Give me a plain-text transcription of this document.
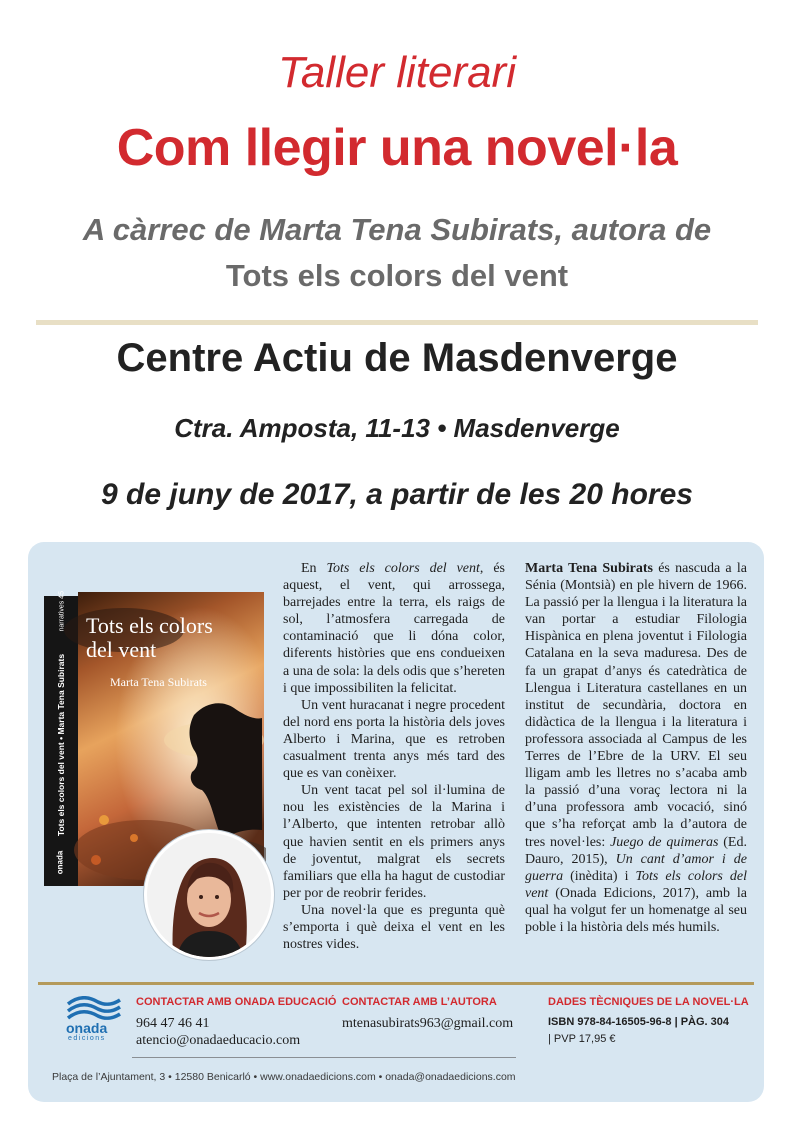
Taller literari
Com llegir una novel·la
A càrrec de Marta Tena Subirats, autora de
Tots els colors del vent
Centre Actiu de Masdenverge
Ctra. Amposta, 11-13 • Masdenverge
9 de juny de 2017, a partir de les 20 hores
Tots els colors
del vent
Marta Tena Subirats
Tots els colors del vent • Marta Tena Subirats
narratives 45
onada

En Tots els colors del vent, és aquest, el vent, qui arrossega, barrejades entre la terra, els raigs de sol, l’atmosfera carregada de contaminació que li dóna color, diferents històries que ens condueixen a una de sola: la dels odis que s’hereten i que impossibiliten la felicitat.

Un vent huracanat i negre procedent del nord ens porta la història dels joves Alberto i Marina, que es retroben casualment trenta anys més tard des que es van conèixer.

Un vent tacat pel sol il·lumina de nou les existències de la Marina i l’Alberto, que intenten retrobar allò que havien sentit en els primers anys de joventut, malgrat els secrets familiars que ella ha hagut de custodiar per por de reobrir ferides.

Una novel·la que es pregunta què s’emporta i què deixa el vent en les nostres vides.

Marta Tena Subirats és nascuda a la Sénia (Montsià) en ple hivern de 1966. La passió per la llengua i la literatura la van portar a estudiar Filologia Hispànica en plena joventut i Filologia Catalana en la seva maduresa. Des de fa un grapat d’anys és catedràtica de Llengua i Literatura castellanes en un institut de secundària, doctora en didàctica de la llengua i la literatura i professora associada al Campus de les Terres de l’Ebre de la URV. El seu lligam amb les lletres no s’acaba amb la passió d’una voraç lectora ni la d’una professora amb vocació, sinó que s’ha reforçat amb la d’autora de tres novel·les: Juego de quimeras (Ed. Dauro, 2015), Un cant d’amor i de guerra (inèdita) i Tots els colors del vent (Onada Edicions, 2017), amb la qual ha volgut fer un homenatge al seu poble i la història dels més humils.

onada
edicions
CONTACTAR AMB ONADA EDUCACIÓ
964 47 46 41
atencio@onadaeducacio.com
CONTACTAR AMB L’AUTORA
mtenasubirats963@gmail.com
DADES TÈCNIQUES DE LA NOVEL·LA
ISBN 978-84-16505-96-8 | PÀG. 304
| PVP 17,95 €
Plaça de l’Ajuntament, 3 • 12580 Benicarló • www.onadaedicions.com • onada@onadaedicions.com
